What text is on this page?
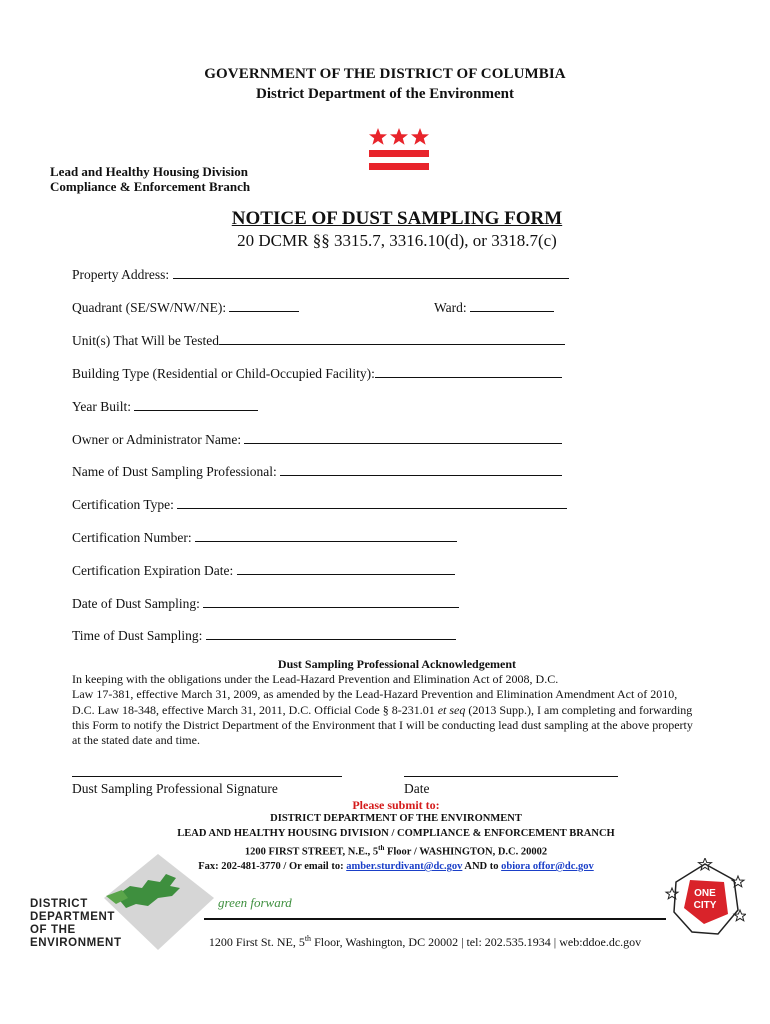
GOVERNMENT OF THE DISTRICT OF COLUMBIA
District Department of the Environment
Lead and Healthy Housing Division
Compliance & Enforcement Branch
NOTICE OF DUST SAMPLING FORM
20 DCMR §§ 3315.7, 3316.10(d), or 3318.7(c)
Property Address:
Quadrant (SE/SW/NW/NE):	Ward:
Unit(s) That Will be Tested
Building Type (Residential or Child-Occupied Facility):
Year Built:
Owner or Administrator Name:
Name of Dust Sampling Professional:
Certification Type:
Certification Number:
Certification Expiration Date:
Date of Dust Sampling:
Time of Dust Sampling:
Dust Sampling Professional Acknowledgement
In keeping with the obligations under the Lead-Hazard Prevention and Elimination Act of 2008, D.C.
Law 17-381, effective March 31, 2009, as amended by the Lead-Hazard Prevention and Elimination Amendment Act of 2010,
D.C. Law 18-348, effective March 31, 2011, D.C. Official Code § 8-231.01 et seq (2013 Supp.), I am completing and forwarding
this Form to notify the District Department of the Environment that I will be conducting lead dust sampling at the above property
at the stated date and time.
Dust Sampling Professional Signature	Date
Please submit to:
DISTRICT DEPARTMENT OF THE ENVIRONMENT
LEAD AND HEALTHY HOUSING DIVISION / COMPLIANCE & ENFORCEMENT BRANCH
1200 FIRST STREET, N.E., 5th Floor / WASHINGTON, D.C. 20002
Fax: 202-481-3770 / Or email to: amber.sturdivant@dc.gov AND to obiora offor@dc.gov
DISTRICT
DEPARTMENT
OF THE
ENVIRONMENT
green forward
1200 First St. NE, 5th Floor, Washington, DC 20002 | tel: 202.535.1934 | web:ddoe.dc.gov
ONE
CITY
